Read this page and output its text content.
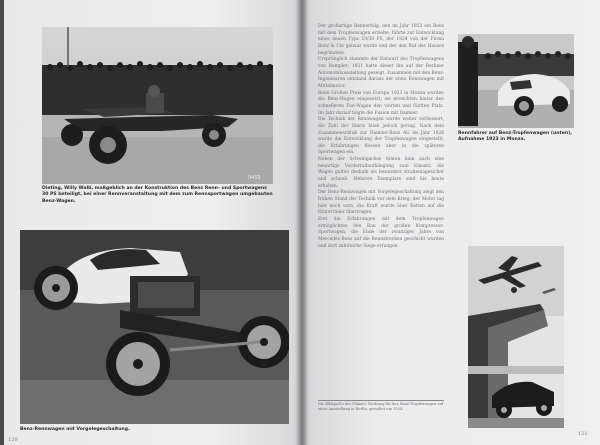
9455

Dieting, Willy Walb, maßgeblich an der Konstruktion des Benz Renn- und Sportwagens 30 PS beteiligt, bei einer Rennveranstaltung mit dem zum Rennsportwagen umgebauten Benz-Wagen.

Benz-Rennwagen mit Vorgelegeschaltung.

120

Der großartige Rennerfolg, den im Jahr 1923 ein Benz mit dem Tropfenwagen erzielte, führte zur Entwicklung eines neuen Typs 10/30 PS, der 1924 von der Firma Benz & Cie gebaut wurde und der den Ruf des Hauses begründete.

Ursprünglich stammte der Entwurf des Tropfenwagens von Rumpler; 1921 hatte dieser ihn auf der Berliner Automobilausstellung gezeigt. Zusammen mit den Benz-Ingenieuren entstand daraus der erste Rennwagen mit Mittelmotor.

Beim Großen Preis von Europa 1923 in Monza wurden die Benz-Wagen eingesetzt; sie erreichten hinter den schnelleren Fiat-Wagen den vierten und fünften Platz. Im Jahr darauf folgte die Fusion mit Daimler.

Die Technik der Rennwagen wurde weiter verbessert, die Zahl der Starts blieb jedoch gering. Nach dem Zusammenschluß zur Daimler-Benz AG im Jahr 1926 wurde die Entwicklung der Tropfenwagen eingestellt, die Erfahrungen flossen aber in die späteren Sportwagen ein.

Neben der Schwingachse hinten kam auch eine neuartige Vorderradaufhängung zum Einsatz; die Wagen galten deshalb als besonders straßenlagesicher und schnell. Mehrere Exemplare sind bis heute erhalten.

Der Benz-Rennwagen mit Vorgelegeschaltung zeigt den frühen Stand der Technik vor dem Krieg; der Motor lag hier noch vorn, die Kraft wurde über Ketten auf die Hinterräder übertragen.

Erst die Erfahrungen mit dem Tropfenwagen ermöglichten den Bau der großen Kompressor-Sportwagen, die Ende der zwanziger Jahre von Mercedes-Benz auf die Rennstrecken geschickt wurden und dort zahlreiche Siege errangen.

Rennfahrer auf Benz-Tropfenwagen (unten), Aufnahme 1923 in Monza.

Die Bildquelle des Plakats: Werbung für den Benz-Tropfenwagen auf einer Ausstellung in Berlin, gestaltet um 1924.

121
